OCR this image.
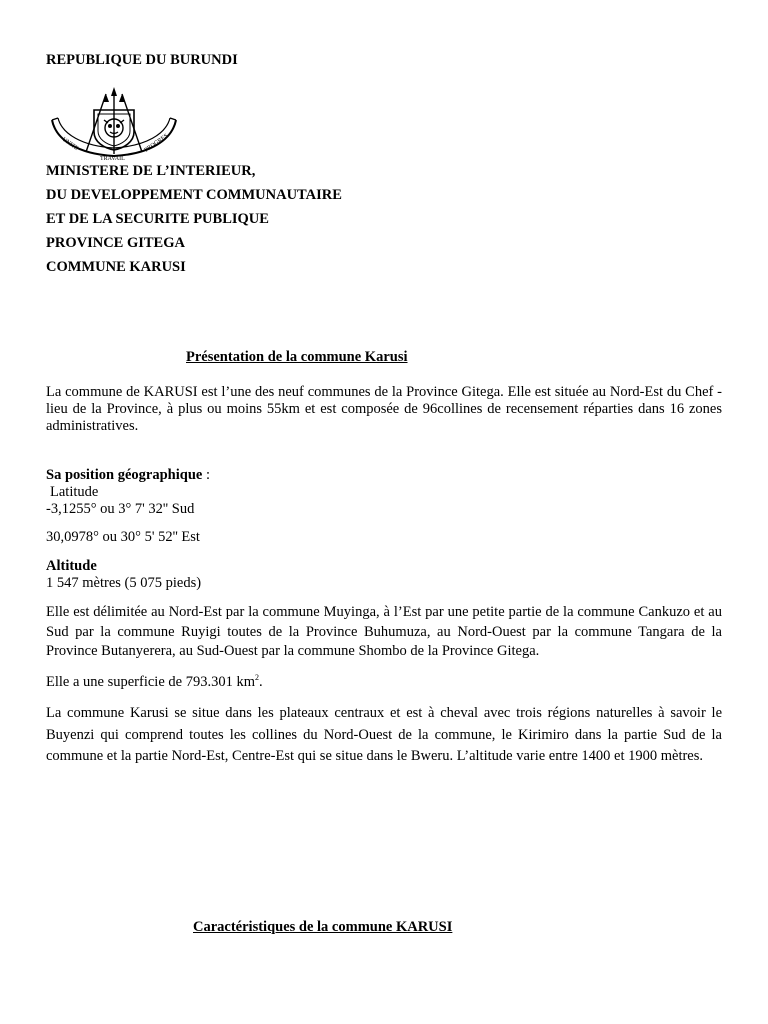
REPUBLIQUE DU BURUNDI
UNITE
TRAVAIL
PROGRES
MINISTERE DE L’INTERIEUR,
DU DEVELOPPEMENT COMMUNAUTAIRE
ET DE LA SECURITE PUBLIQUE
PROVINCE GITEGA
COMMUNE KARUSI
Présentation de la commune Karusi
La commune de KARUSI est l’une des neuf communes de la Province Gitega. Elle est située au Nord-Est du Chef -lieu de la Province, à plus ou moins 55km et est composée de 96collines de recensement réparties dans 16 zones administratives.
Sa position géographique :
Latitude
-3,1255° ou 3° 7' 32'' Sud
30,0978° ou 30° 5' 52'' Est
Altitude
1 547 mètres (5 075 pieds)
Elle est délimitée au Nord-Est par la commune Muyinga, à l’Est par une petite partie de la commune Cankuzo et au Sud par la commune Ruyigi toutes de la Province Buhumuza, au Nord-Ouest par la commune Tangara de la Province Butanyerera, au Sud-Ouest par la commune Shombo de la Province Gitega.
Elle a une superficie de 793.301 $km^2$.
La commune Karusi se situe dans les plateaux centraux et est à cheval avec trois régions naturelles à savoir le Buyenzi qui comprend toutes les collines du Nord-Ouest de la commune, le Kirimiro dans la partie Sud de la commune et la partie Nord-Est, Centre-Est qui se situe dans le Bweru. L’altitude varie entre 1400 et 1900 mètres.
Caractéristiques de la commune KARUSI
